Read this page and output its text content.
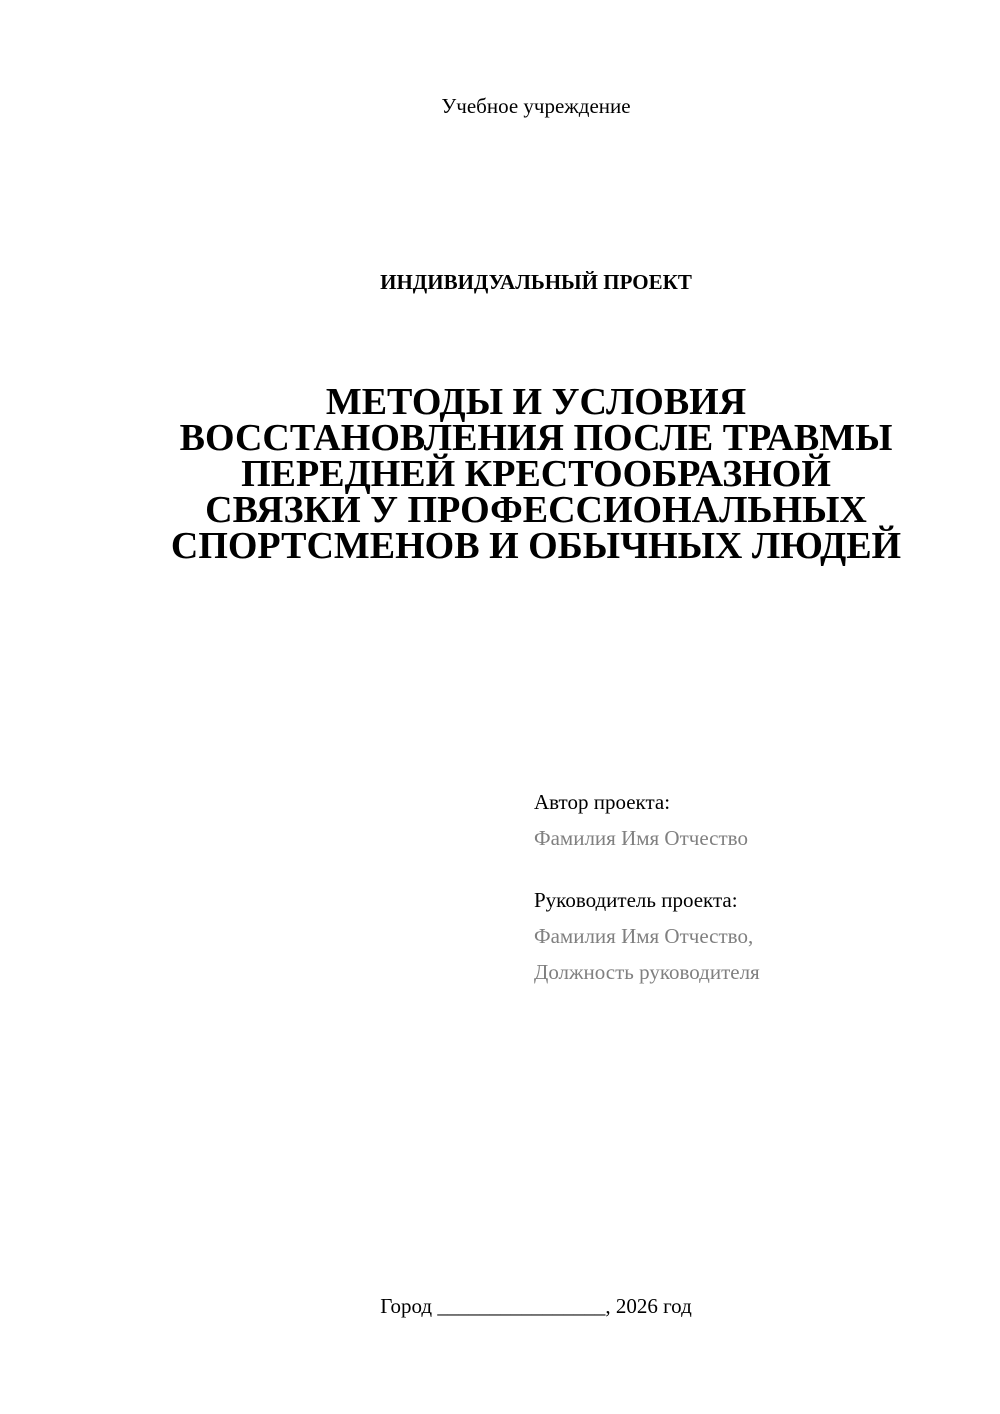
Учебное учреждение
ИНДИВИДУАЛЬНЫЙ ПРОЕКТ
МЕТОДЫ И УСЛОВИЯ
ВОССТАНОВЛЕНИЯ ПОСЛЕ ТРАВМЫ
ПЕРЕДНЕЙ КРЕСТООБРАЗНОЙ
СВЯЗКИ У ПРОФЕССИОНАЛЬНЫХ
СПОРТСМЕНОВ И ОБЫЧНЫХ ЛЮДЕЙ
Автор проекта:
Фамилия Имя Отчество
Руководитель проекта:
Фамилия Имя Отчество,
Должность руководителя
Город ________________, 2026 год
